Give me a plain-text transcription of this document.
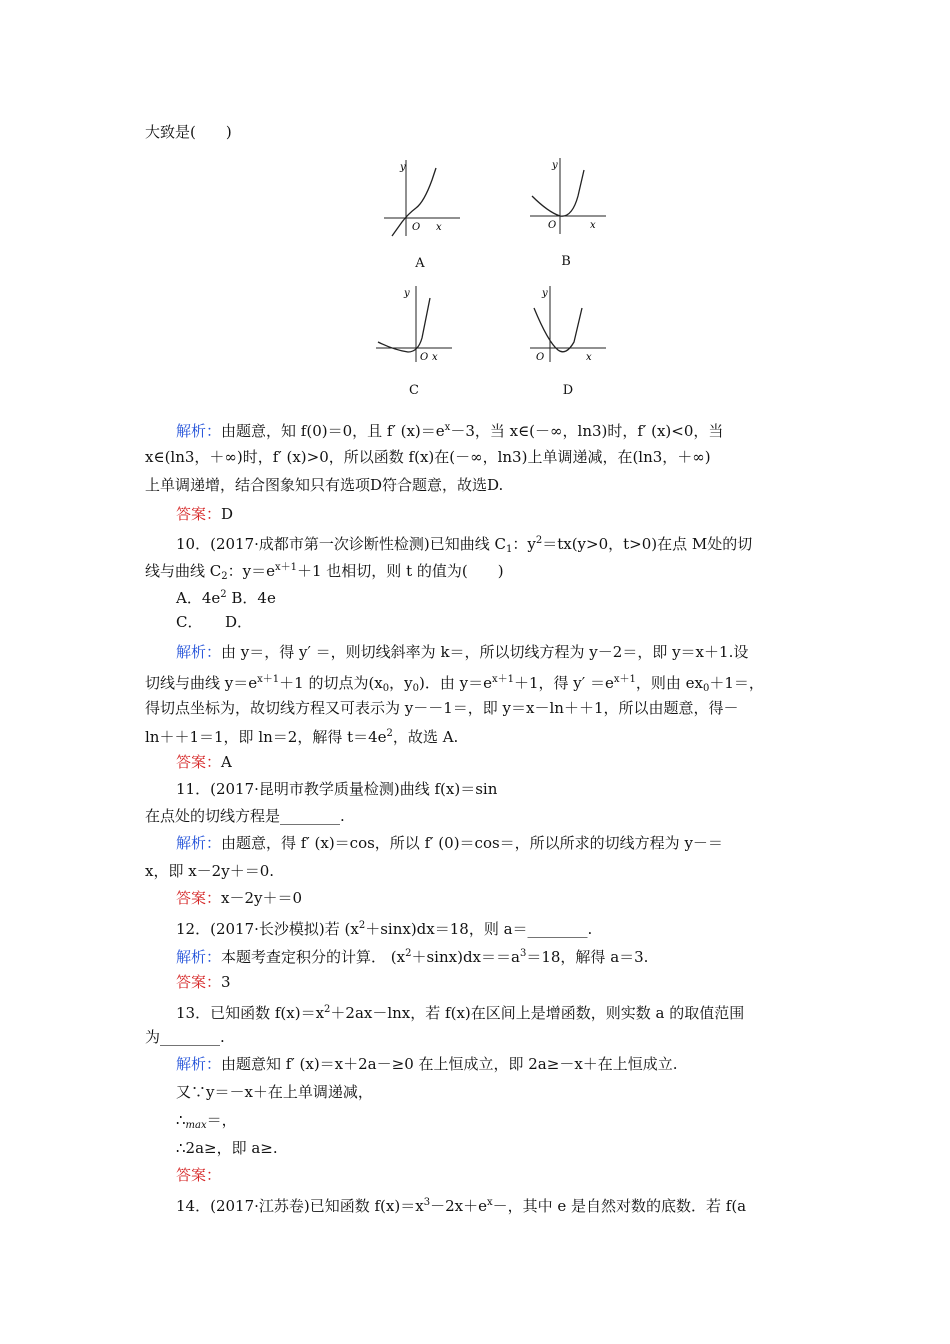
大致是(　　)
y
x
O
A
y
x
O
B
y
x
O
C
y
x
O
D
解析：由题意，知 f(0)＝0，且 f′ $(x)=e^x-3$，当 x∈(－∞，ln3)时，f′ (x)<0，当
x∈(ln3，＋∞)时，f′ (x)>0，所以函数 f(x)在(－∞，ln3)上单调递减，在(ln3，＋∞)
上单调递增，结合图象知只有选项D符合题意，故选D.
答案：D
10．(2017·成都市第一次诊断性检测)已知曲线 $C_1$：$y^2=tx(y>0$，t>0)在点 M处的切
线与曲线 $C_2$：$y=e^{x+1}+1$ 也相切，则 t 的值为(　　)
A．$4e^2$ B．4e
C．　　D．
解析：由 y＝，得 y′ ＝，则切线斜率为 k＝，所以切线方程为 y－2＝，即 y＝x＋1.设
切线与曲线 $y=e^{x+1}+1$ 的切点为($x_0$，$y_0$)．由 $y=e^{x+1}+1$，得 $y' =e^{x+1}$，则由 $ex_0+1=$，
得切点坐标为，故切线方程又可表示为 y－－1＝，即 y＝x－ln＋＋1，所以由题意，得－
ln＋＋1＝1，即 ln＝2，解得 $t=4e^2$，故选 A.
答案：A
11．(2017·昆明市教学质量检测)曲线 f(x)＝sin
在点处的切线方程是________.
解析：由题意，得 f′ (x)＝cos，所以 f′ (0)＝cos＝，所以所求的切线方程为 y－＝
x，即 x－2y＋＝0.
答案：x－2y＋＝0
12．(2017·长沙模拟)若 $(x^2+\sin x)dx=18$，则 a＝________.
解析：本题考查定积分的计算． $(x^2+\sin x)dx==a^3=18$，解得 a＝3.
答案：3
13．已知函数 $f(x)=x^2+2ax-\ln x$，若 f(x)在区间上是增函数，则实数 a 的取值范围
为________.
解析：由题意知 f′ (x)＝x＋2a－≥0 在上恒成立，即 2a≥－x＋在上恒成立.
又∵y＝－x＋在上单调递减，
$\therefore_{max}=$，
∴2a≥，即 a≥.
答案：
14．(2017·江苏卷)已知函数 $f(x)=x^3-2x+e^x-$，其中 e 是自然对数的底数．若 f(a
